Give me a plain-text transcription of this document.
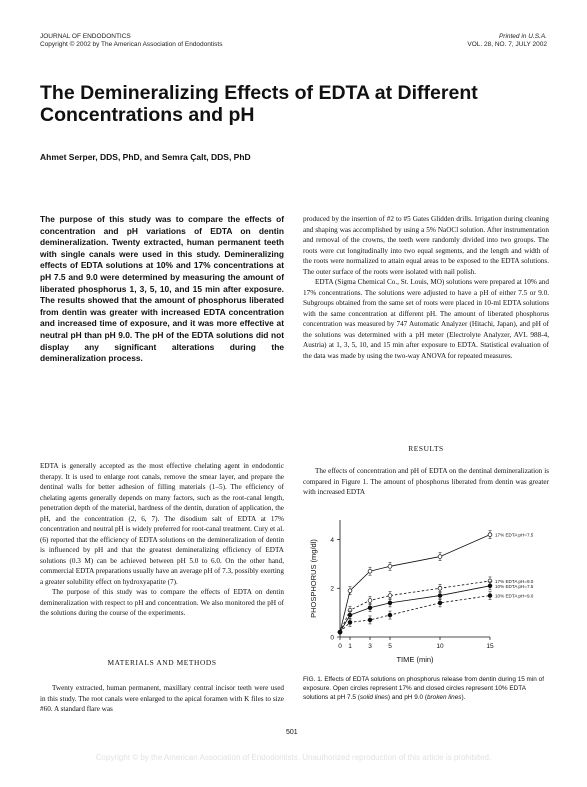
JOURNAL OF ENDODONTICS
Copyright © 2002 by The American Association of Endodontists
Printed in U.S.A.
VOL. 28, NO. 7, JULY 2002
The Demineralizing Effects of EDTA at Different Concentrations and pH
Ahmet Serper, DDS, PhD, and Semra Çalt, DDS, PhD
The purpose of this study was to compare the effects of concentration and pH variations of EDTA on dentin demineralization. Twenty extracted, human permanent teeth with single canals were used in this study. Demineralizing effects of EDTA solutions at 10% and 17% concentrations at pH 7.5 and 9.0 were determined by measuring the amount of liberated phosphorus 1, 3, 5, 10, and 15 min after exposure. The results showed that the amount of phosphorus liberated from dentin was greater with increased EDTA concentration and increased time of exposure, and it was more effective at neutral pH than pH 9.0. The pH of the EDTA solutions did not display any significant alterations during the demineralization process.

EDTA is generally accepted as the most effective chelating agent in endodontic therapy. It is used to enlarge root canals, remove the smear layer, and prepare the dentinal walls for better adhesion of filling materials (1–5). The efficiency of chelating agents generally depends on many factors, such as the root-canal length, penetration depth of the material, hardness of the dentin, duration of application, the pH, and the concentration (2, 6, 7). The disodium salt of EDTA at 17% concentration and neutral pH is widely preferred for root-canal treatment. Cury et al. (6) reported that the efficiency of EDTA solutions on the demineralization of dentin is influenced by pH and that the greatest demineralizing efficiency of EDTA solutions (0.3 M) can be achieved between pH 5.0 to 6.0. On the other hand, commercial EDTA preparations usually have an average pH of 7.3, possibly exerting a greater solubility effect on hydroxyapatite (7).

The purpose of this study was to compare the effects of EDTA on dentin demineralization with respect to pH and concentration. We also monitored the pH of the solutions during the course of the experiments.

MATERIALS AND METHODS

Twenty extracted, human permanent, maxillary central incisor teeth were used in this study. The root canals were enlarged to the apical foramen with K files to size #60. A standard flare was

produced by the insertion of #2 to #5 Gates Glidden drills. Irrigation during cleaning and shaping was accomplished by using a 5% NaOCl solution. After instrumentation and removal of the crowns, the teeth were randomly divided into two groups. The roots were cut longitudinally into two equal segments, and the length and width of the roots were normalized to attain equal areas to be exposed to the EDTA solutions. The outer surface of the roots were isolated with nail polish.

EDTA (Sigma Chemical Co., St. Louis, MO) solutions were prepared at 10% and 17% concentrations. The solutions were adjusted to have a pH of either 7.5 or 9.0. Subgroups obtained from the same set of roots were placed in 10-ml EDTA solutions with the same concentration at different pH. The amount of liberated phosphorus concentration was measured by 747 Automatic Analyzer (Hitachi, Japan), and pH of the solutions was determined with a pH meter (Electrolyte Analyzer, AVL 988-4, Austria) at 1, 3, 5, 10, and 15 min after exposure to EDTA. Statistical evaluation of the data was made by using the two-way ANOVA for repeated measures.

RESULTS

The effects of concentration and pH of EDTA on the dentinal demineralization is compared in Figure 1. The amount of phosphorus liberated from dentin was greater with increased EDTA

0 1	3	5	10	15
0
2
4
TIME (min)
PHOSPHORUS (mg/dl)
17% EDTA pH=7.5
17% EDTA pH=9.0
10% EDTA pH=7.5
10% EDTA pH=9.0
FIG. 1. Effects of EDTA solutions on phosphorus release from dentin during 15 min of exposure. Open circles represent 17% and closed circles represent 10% EDTA solutions at pH 7.5 (solid lines) and pH 9.0 (broken lines).
501
Copyright © by the American Association of Endodontists. Unauthorized reproduction of this article is prohibited.
